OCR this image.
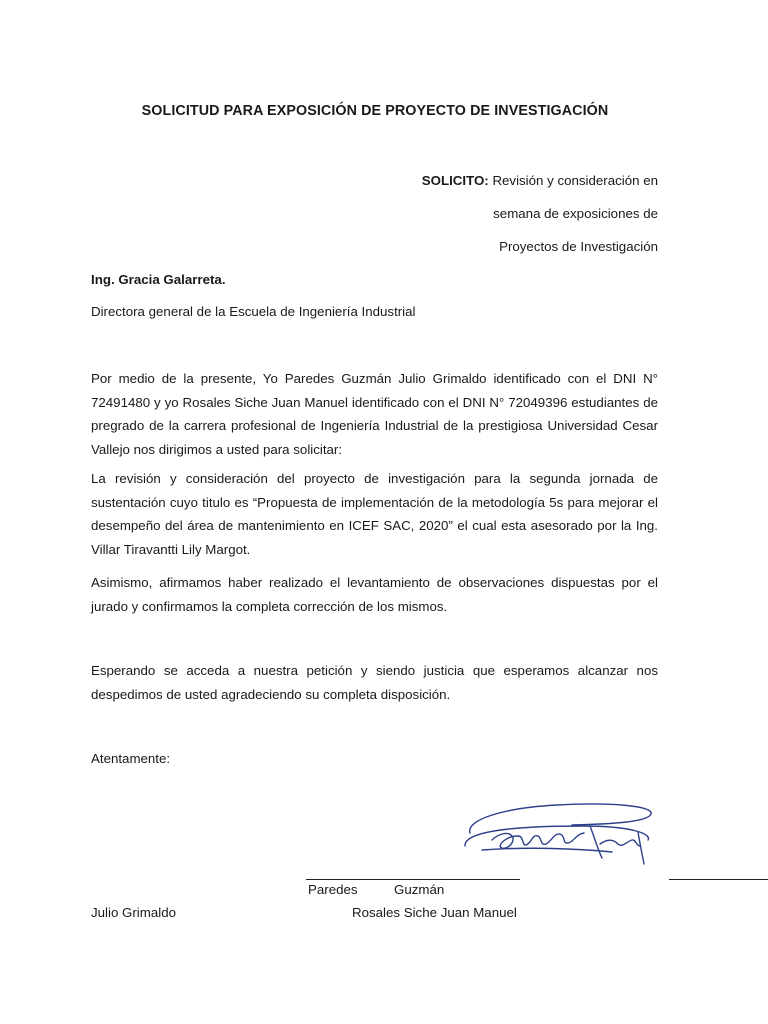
SOLICITUD PARA EXPOSICIÓN DE PROYECTO DE INVESTIGACIÓN
SOLICITO: Revisión y consideración en
semana de exposiciones de
Proyectos de Investigación
Ing. Gracia Galarreta.
Directora general de la Escuela de Ingeniería Industrial

Por medio de la presente, Yo Paredes Guzmán Julio Grimaldo identificado con el DNI N° 72491480 y yo Rosales Siche Juan Manuel identificado con el DNI N° 72049396 estudiantes de pregrado de la carrera profesional de Ingeniería Industrial de la prestigiosa Universidad Cesar Vallejo nos dirigimos a usted para solicitar:

La revisión y consideración del proyecto de investigación para la segunda jornada de sustentación cuyo titulo es “Propuesta de implementación de la metodología 5s para mejorar el desempeño del área de mantenimiento en ICEF SAC, 2020” el cual esta asesorado por la Ing. Villar Tiravantti Lily Margot.

Asimismo, afirmamos haber realizado el levantamiento de observaciones dispuestas por el jurado y confirmamos la completa corrección de los mismos.

Esperando se acceda a nuestra petición y siendo justicia que esperamos alcanzar nos despedimos de usted agradeciendo su completa disposición.

Atentamente:
Paredes	Guzmán
Julio Grimaldo	Rosales Siche Juan Manuel
